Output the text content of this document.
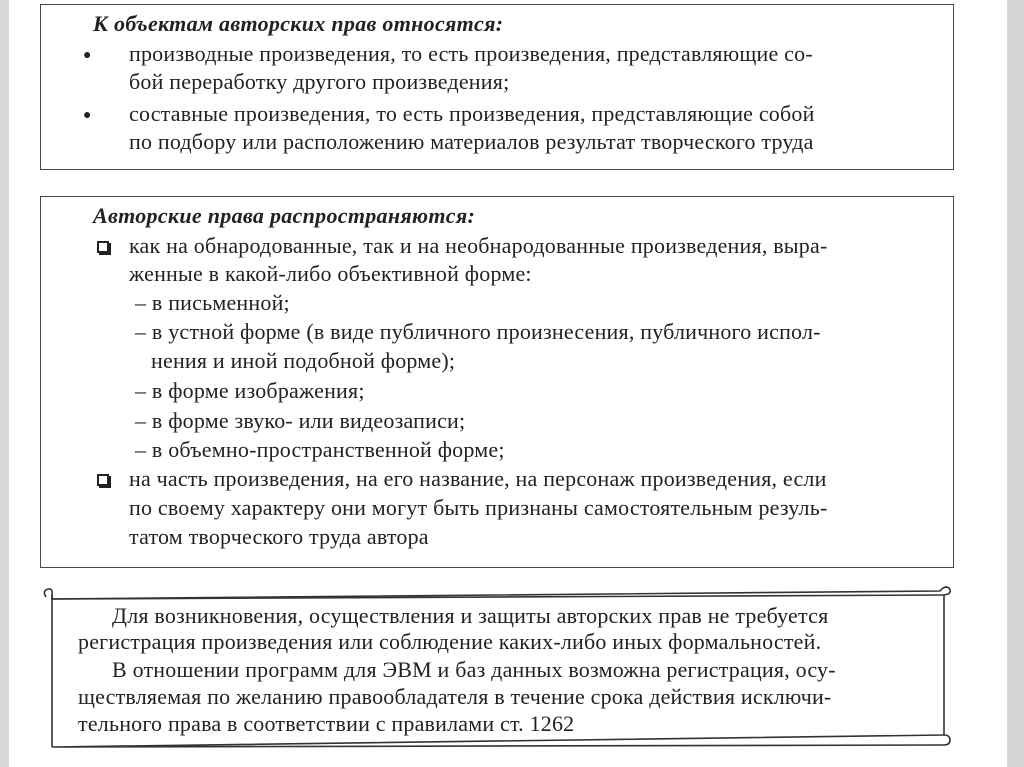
К объектам авторских прав относятся:
● производные произведения, то есть произведения, представляющие со-
бой переработку другого произведения;
● составные произведения, то есть произведения, представляющие собой
по подбору или расположению материалов результат творческого труда
Авторские права распространяются:
как на обнародованные, так и на необнародованные произведения, выра-
женные в какой-либо объективной форме:
– в письменной;
– в устной форме (в виде публичного произнесения, публичного испол-
нения и иной подобной форме);
– в форме изображения;
– в форме звуко- или видеозаписи;
– в объемно-пространственной форме;
на часть произведения, на его название, на персонаж произведения, если
по своему характеру они могут быть признаны самостоятельным резуль-
татом творческого труда автора
Для возникновения, осуществления и защиты авторских прав не требуется
регистрация произведения или соблюдение каких-либо иных формальностей.
В отношении программ для ЭВМ и баз данных возможна регистрация, осу-
ществляемая по желанию правообладателя в течение срока действия исключи-
тельного права в соответствии с правилами ст. 1262
